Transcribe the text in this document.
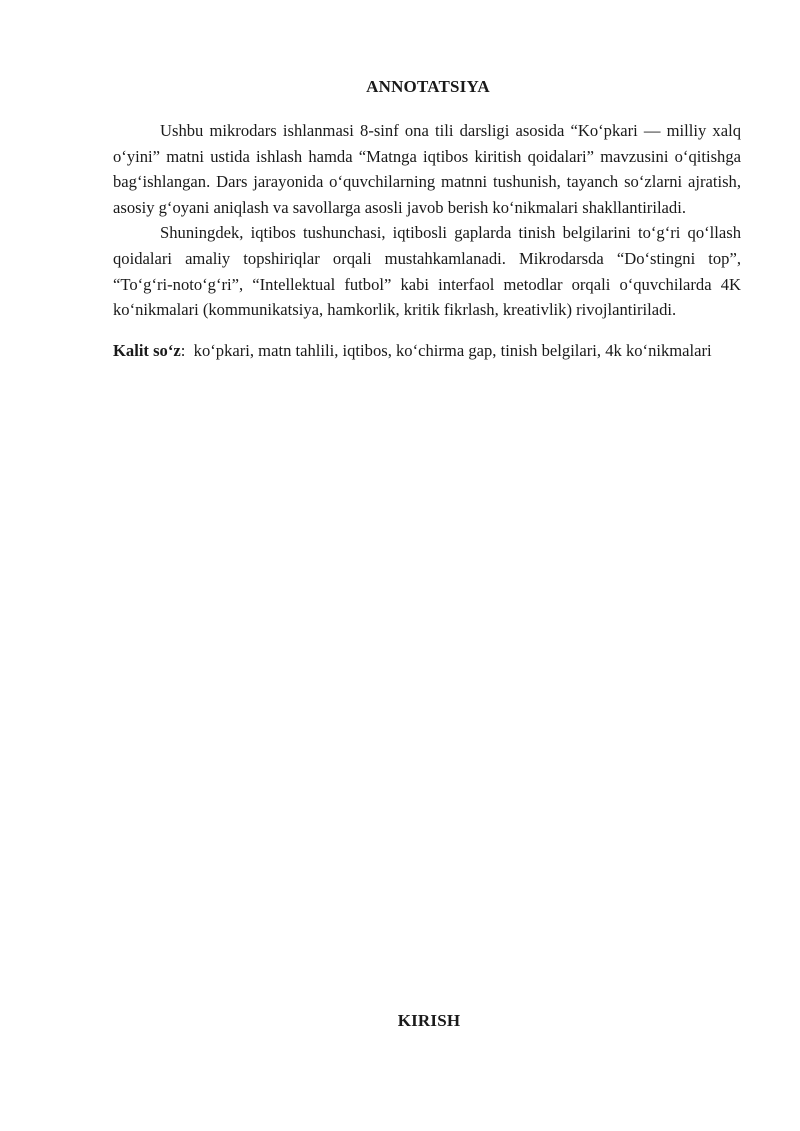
ANNOTATSIYA

Ushbu mikrodars ishlanmasi 8-sinf ona tili darsligi asosida “Ko‘pkari — milliy xalq o‘yini” matni ustida ishlash hamda “Matnga iqtibos kiritish qoidalari” mavzusini o‘qitishga bag‘ishlangan. Dars jarayonida o‘quvchilarning matnni tushunish, tayanch so‘zlarni ajratish, asosiy g‘oyani aniqlash va savollarga asosli javob berish ko‘nikmalari shakllantiriladi.

Shuningdek, iqtibos tushunchasi, iqtibosli gaplarda tinish belgilarini to‘g‘ri qo‘llash qoidalari amaliy topshiriqlar orqali mustahkamlanadi. Mikrodarsda “Do‘stingni top”, “To‘g‘ri-noto‘g‘ri”, “Intellektual futbol” kabi interfaol metodlar orqali o‘quvchilarda 4K ko‘nikmalari (kommunikatsiya, hamkorlik, kritik fikrlash, kreativlik) rivojlantiriladi.

Kalit so‘z: ko‘pkari, matn tahlili, iqtibos, ko‘chirma gap, tinish belgilari, 4k ko‘nikmalari

KIRISH
